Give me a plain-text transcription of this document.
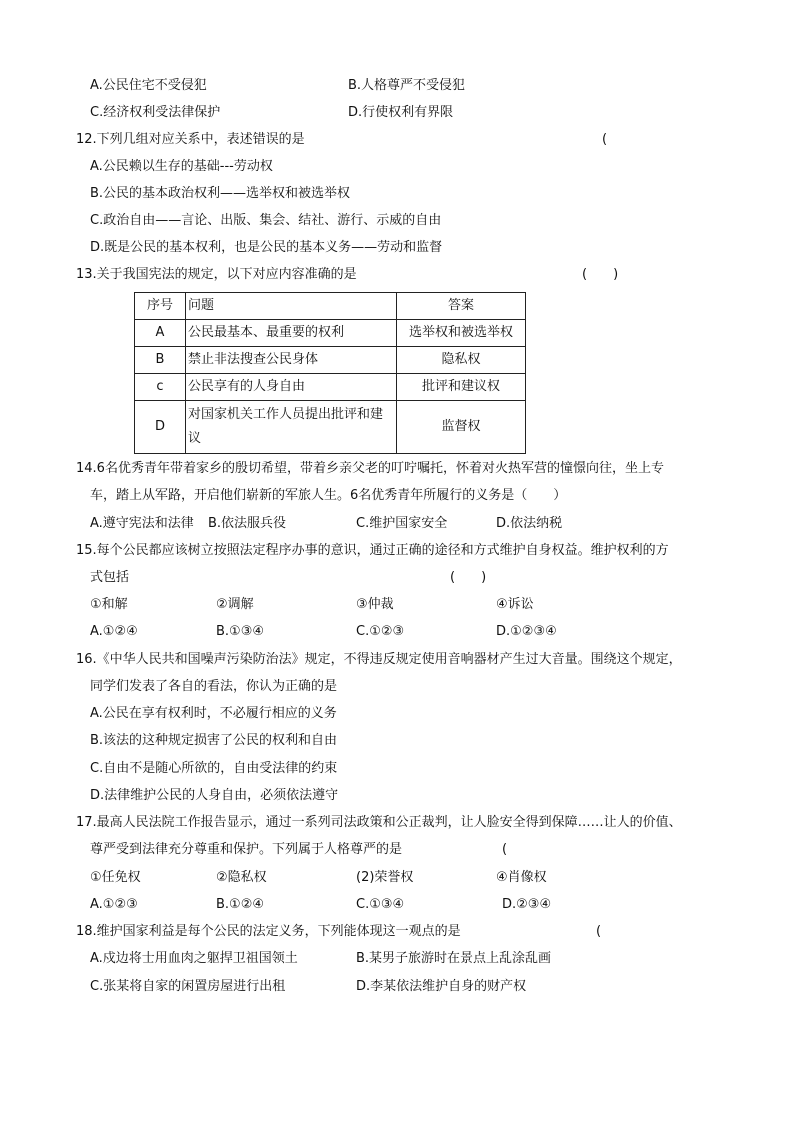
A.公民住宅不受侵犯	B.人格尊严不受侵犯
C.经济权利受法律保护	D.行使权利有界限
12.下列几组对应关系中，表述错误的是	(
A.公民赖以生存的基础---劳动权
B.公民的基本政治权利——选举权和被选举权
C.政治自由——言论、出版、集会、结社、游行、示威的自由
D.既是公民的基本权利，也是公民的基本义务——劳动和监督
13.关于我国宪法的规定，以下对应内容准确的是	(　　)
序号	问题	答案
A	公民最基本、最重要的权利	选举权和被选举权
B	禁止非法搜查公民身体	隐私权
c	公民享有的人身自由	批评和建议权
D	对国家机关工作人员提出批评和建议	监督权
14.6名优秀青年带着家乡的殷切希望，带着乡亲父老的叮咛嘱托，怀着对火热军营的憧憬向往，坐上专
车，踏上从军路，开启他们崭新的军旅人生。6名优秀青年所履行的义务是（　　）
A.遵守宪法和法律 B.依法服兵役	C.维护国家安全	D.依法纳税
15.每个公民都应该树立按照法定程序办事的意识，通过正确的途径和方式维护自身权益。维护权利的方
式包括	(　　)
①和解	②调解	③仲裁	④诉讼
A.①②④	B.①③④	C.①②③	D.①②③④
16.《中华人民共和国噪声污染防治法》规定，不得违反规定使用音响器材产生过大音量。围绕这个规定，
同学们发表了各自的看法，你认为正确的是
A.公民在享有权利时，不必履行相应的义务
B.该法的这种规定损害了公民的权利和自由
C.自由不是随心所欲的，自由受法律的约束
D.法律维护公民的人身自由，必须依法遵守
17.最高人民法院工作报告显示，通过一系列司法政策和公正裁判，让人脸安全得到保障……让人的价值、
尊严受到法律充分尊重和保护。下列属于人格尊严的是	(
①任免权	②隐私权	(2)荣誉权	④肖像权
A.①②③	B.①②④	C.①③④	D.②③④
18.维护国家利益是每个公民的法定义务，下列能体现这一观点的是	(
A.戍边将士用血肉之躯捍卫祖国领土	B.某男子旅游时在景点上乱涂乱画
C.张某将自家的闲置房屋进行出租	D.李某依法维护自身的财产权
